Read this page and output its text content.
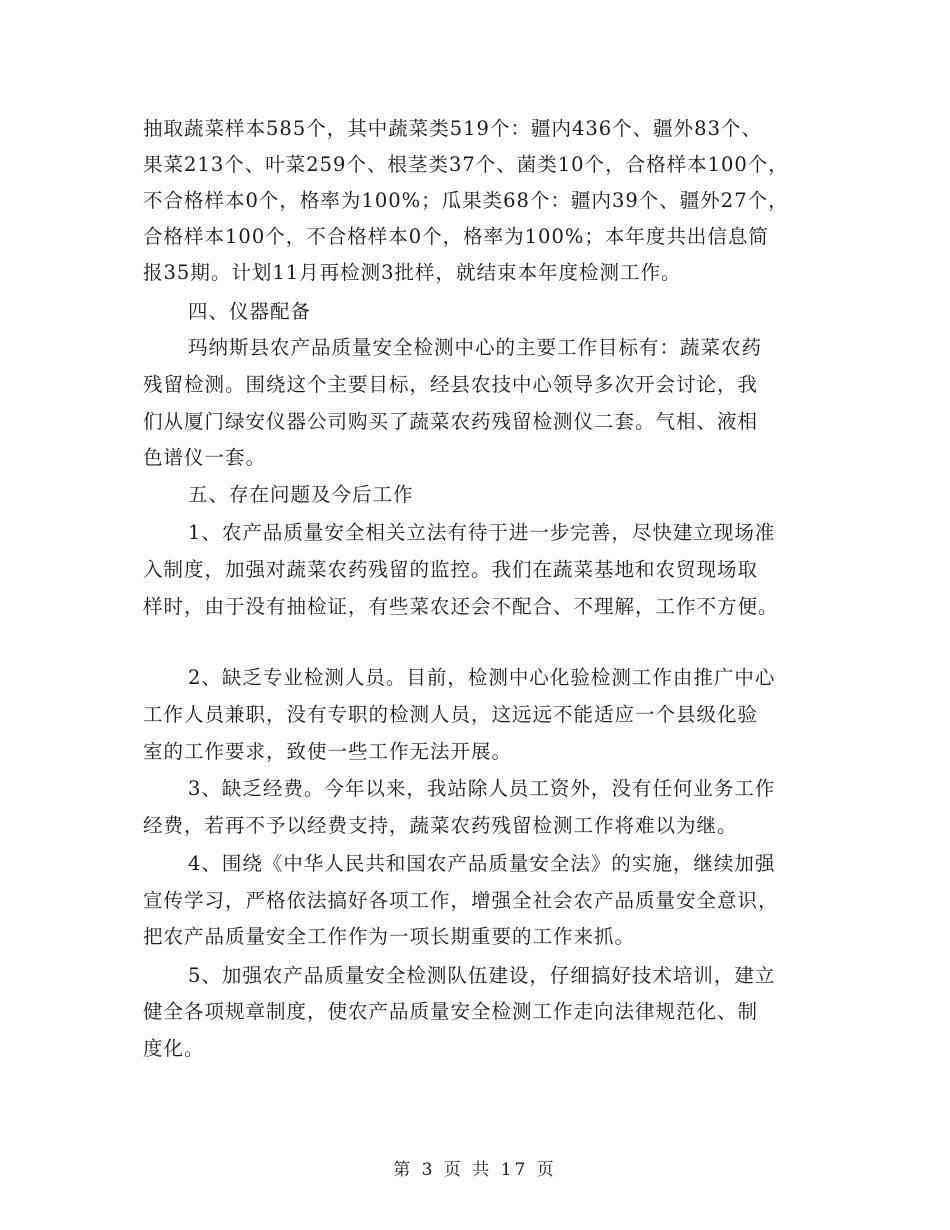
抽取蔬菜样本585个，其中蔬菜类519个：疆内436个、疆外83个、
果菜213个、叶菜259个、根茎类37个、菌类10个，合格样本100个，
不合格样本0个，格率为100%；瓜果类68个：疆内39个、疆外27个，
合格样本100个，不合格样本0个，格率为100%；本年度共出信息简
报35期。计划11月再检测3批样，就结束本年度检测工作。
四、仪器配备
玛纳斯县农产品质量安全检测中心的主要工作目标有：蔬菜农药
残留检测。围绕这个主要目标，经县农技中心领导多次开会讨论，我
们从厦门绿安仪器公司购买了蔬菜农药残留检测仪二套。气相、液相
色谱仪一套。
五、存在问题及今后工作
1、农产品质量安全相关立法有待于进一步完善，尽快建立现场准
入制度，加强对蔬菜农药残留的监控。我们在蔬菜基地和农贸现场取
样时，由于没有抽检证，有些菜农还会不配合、不理解，工作不方便。
2、缺乏专业检测人员。目前，检测中心化验检测工作由推广中心
工作人员兼职，没有专职的检测人员，这远远不能适应一个县级化验
室的工作要求，致使一些工作无法开展。
3、缺乏经费。今年以来，我站除人员工资外，没有任何业务工作
经费，若再不予以经费支持，蔬菜农药残留检测工作将难以为继。
4、围绕《中华人民共和国农产品质量安全法》的实施，继续加强
宣传学习，严格依法搞好各项工作，增强全社会农产品质量安全意识，
把农产品质量安全工作作为一项长期重要的工作来抓。
5、加强农产品质量安全检测队伍建设，仔细搞好技术培训，建立
健全各项规章制度，使农产品质量安全检测工作走向法律规范化、制
度化。
第 3 页 共 17 页
